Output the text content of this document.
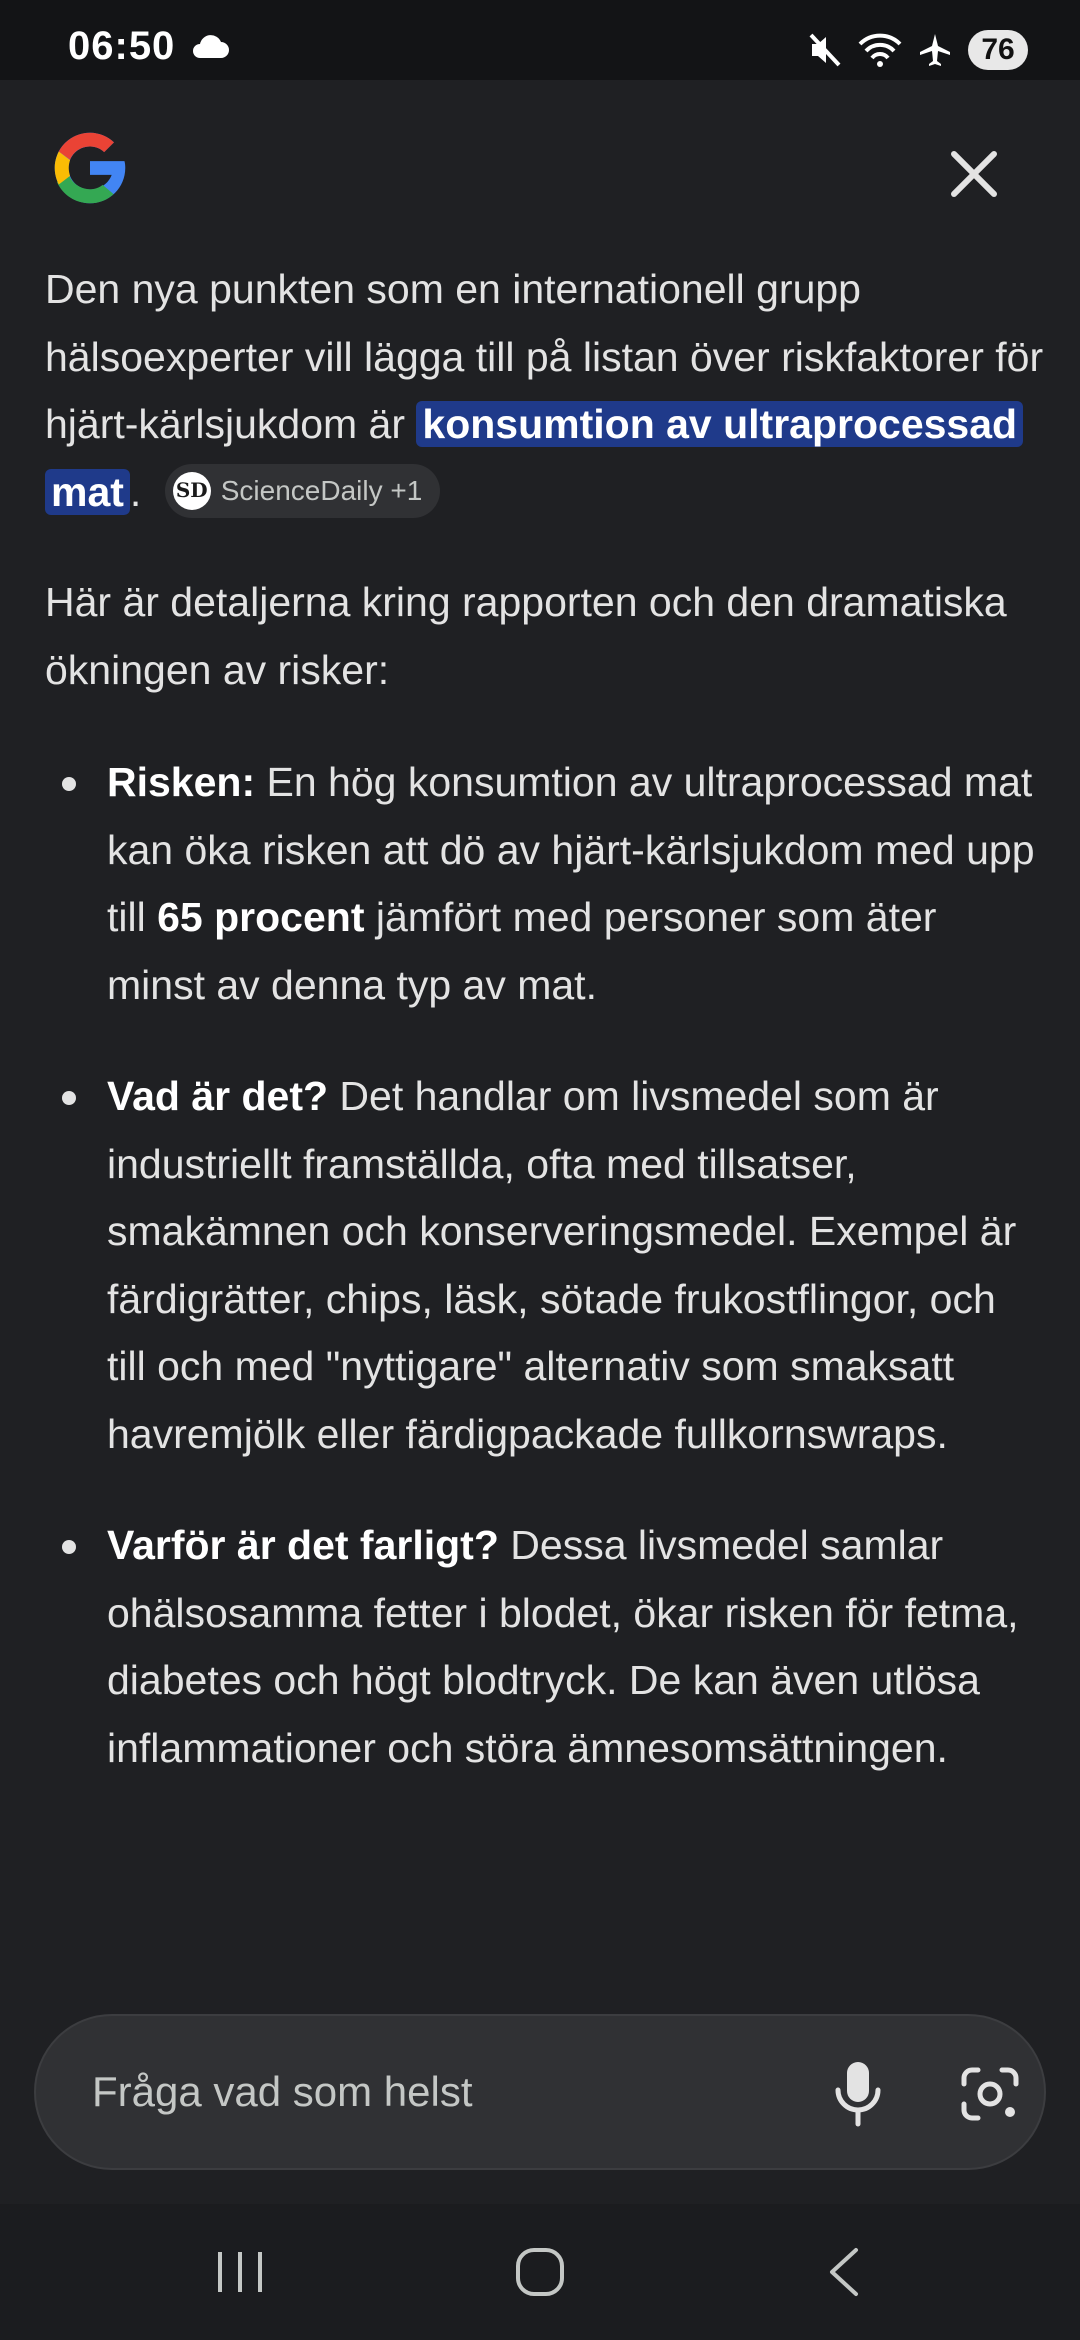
06:50	76

Den nya punkten som en internationell grupp hälsoexperter vill lägga till på listan över riskfaktorer för hjärt-kärlsjukdom är konsumtion av ultraprocessad mat . SD ScienceDaily +1

Här är detaljerna kring rapporten och den dramatiska ökningen av risker:

Risken: En hög konsumtion av ultraprocessad mat kan öka risken att dö av hjärt-kärlsjukdom med upp till 65 procent jämfört med personer som äter minst av denna typ av mat.
Vad är det? Det handlar om livsmedel som är industriellt framställda, ofta med tillsatser, smakämnen och konserveringsmedel. Exempel är färdigrätter, chips, läsk, sötade frukostflingor, och till och med "nyttigare" alternativ som smaksatt havremjölk eller färdigpackade fullkornswraps.
Varför är det farligt? Dessa livsmedel samlar ohälsosamma fetter i blodet, ökar risken för fetma, diabetes och högt blodtryck. De kan även utlösa inflammationer och störa ämnesomsättningen.
Fråga vad som helst
